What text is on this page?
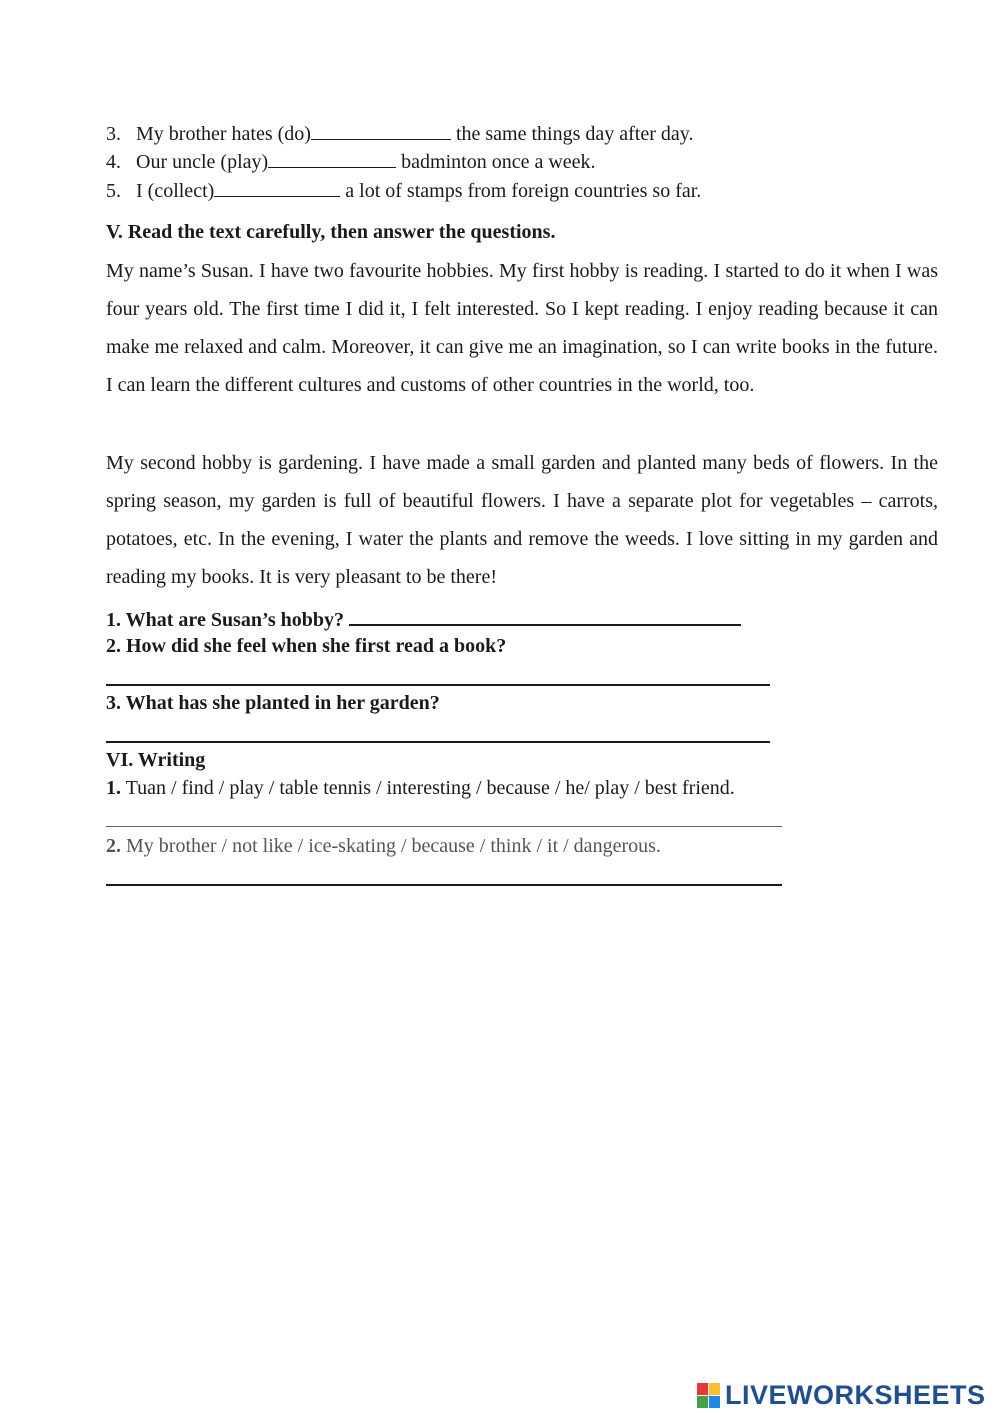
3. My brother hates (do)	the same things day after day.
4. Our uncle (play)	badminton once a week.
5. I (collect)	a lot of stamps from foreign countries so far.
V. Read the text carefully, then answer the questions.
My name’s Susan. I have two favourite hobbies. My first hobby is reading. I started to do it when I was four years old. The first time I did it, I felt interested. So I kept reading. I enjoy reading because it can make me relaxed and calm. Moreover, it can give me an imagination, so I can write books in the future. I can learn the different cultures and customs of other countries in the world, too.
My second hobby is gardening. I have made a small garden and planted many beds of flowers. In the spring season, my garden is full of beautiful flowers. I have a separate plot for vegetables – carrots, potatoes, etc. In the evening, I water the plants and remove the weeds. I love sitting in my garden and reading my books. It is very pleasant to be there!
1. What are Susan’s hobby?
2. How did she feel when she first read a book?
3. What has she planted in her garden?
VI. Writing
1. Tuan / find / play / table tennis / interesting / because / he/ play / best friend.
2. My brother / not like / ice-skating / because / think / it / dangerous.
LIVEWORKSHEETS
